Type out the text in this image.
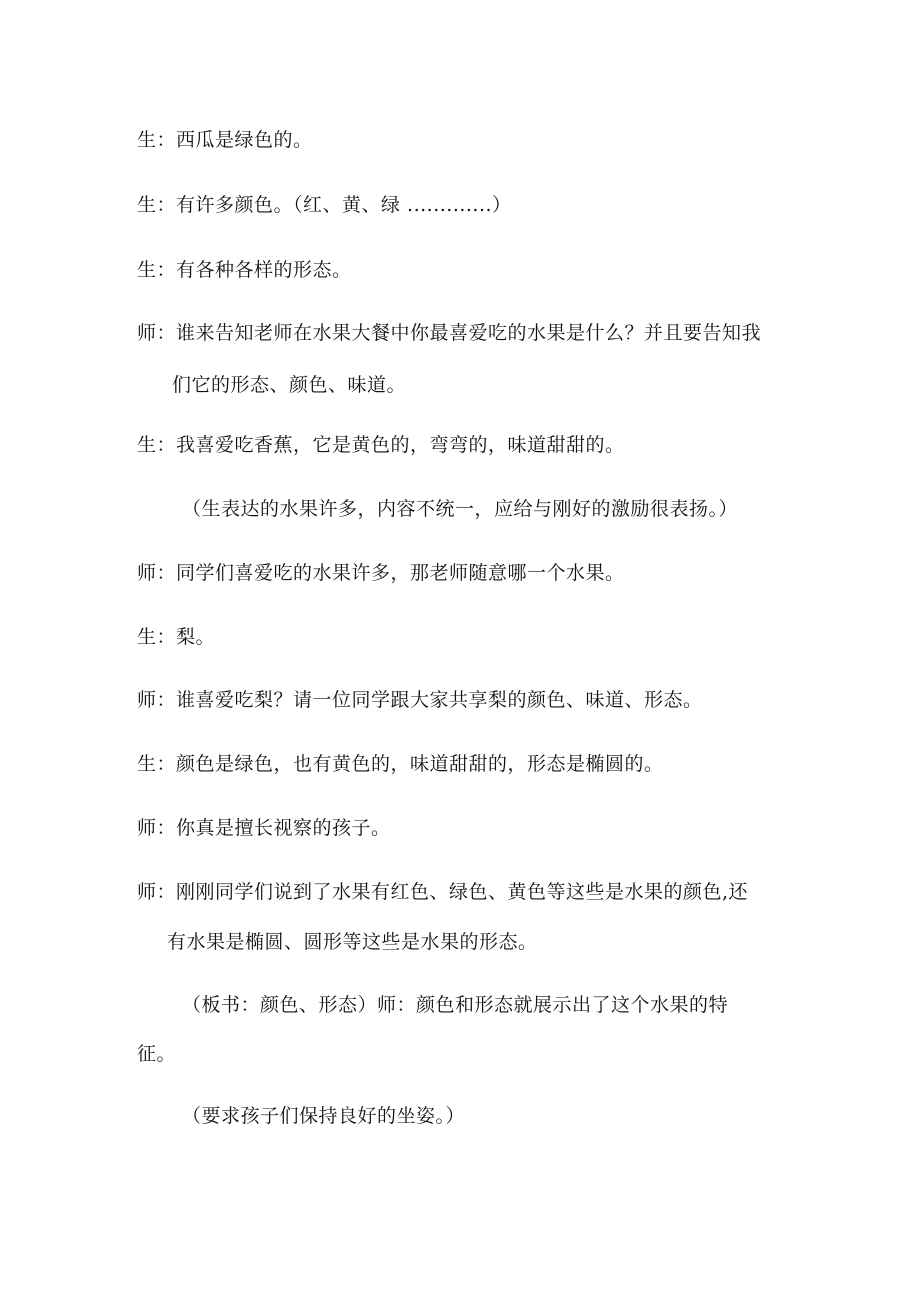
生：西瓜是绿色的。
生：有许多颜色。（红、黄、绿 .............）
生：有各种各样的形态。
师：谁来告知老师在水果大餐中你最喜爱吃的水果是什么？并且要告知我
们它的形态、颜色、味道。
生：我喜爱吃香蕉，它是黄色的，弯弯的，味道甜甜的。
（生表达的水果许多，内容不统一，应给与刚好的激励很表扬。）
师：同学们喜爱吃的水果许多，那老师随意哪一个水果。
生：梨。
师：谁喜爱吃梨？请一位同学跟大家共享梨的颜色、味道、形态。
生：颜色是绿色，也有黄色的，味道甜甜的，形态是椭圆的。
师：你真是擅长视察的孩子。
师：刚刚同学们说到了水果有红色、绿色、黄色等这些是水果的颜色,还
有水果是椭圆、圆形等这些是水果的形态。
（板书：颜色、形态）师：颜色和形态就展示出了这个水果的特
征。
（要求孩子们保持良好的坐姿。）
